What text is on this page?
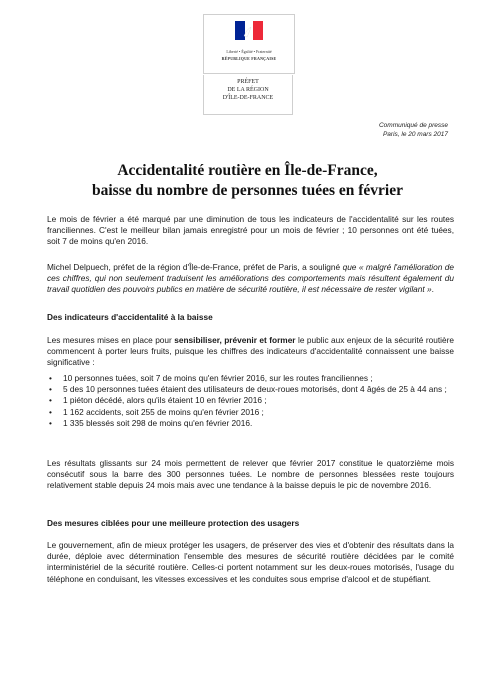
Liberté • Égalité • Fraternité
RÉPUBLIQUE FRANÇAISE
PRÉFET
DE LA RÉGION
D'ÎLE-DE-FRANCE
Communiqué de presse
Paris, le 20 mars 2017
Accidentalité routière en Île-de-France,
baisse du nombre de personnes tuées en février
Le mois de février a été marqué par une diminution de tous les indicateurs de l'accidentalité sur les routes franciliennes. C'est le meilleur bilan jamais enregistré pour un mois de février ; 10 personnes ont été tuées, soit 7 de moins qu'en 2016.
Michel Delpuech, préfet de la région d'Île-de-France, préfet de Paris, a souligné que « malgré l'amélioration de ces chiffres, qui non seulement traduisent les améliorations des comportements mais résultent également du travail quotidien des pouvoirs publics en matière de sécurité routière, il est nécessaire de rester vigilant ».
Des indicateurs d'accidentalité à la baisse
Les mesures mises en place pour sensibiliser, prévenir et former le public aux enjeux de la sécurité routière commencent à porter leurs fruits, puisque les chiffres des indicateurs d'accidentalité connaissent une baisse significative :
• 10 personnes tuées, soit 7 de moins qu'en février 2016, sur les routes franciliennes ;
• 5 des 10 personnes tuées étaient des utilisateurs de deux-roues motorisés, dont 4 âgés de 25 à 44 ans ;
• 1 piéton décédé, alors qu'ils étaient 10 en février 2016 ;
• 1 162 accidents, soit 255 de moins qu'en février 2016 ;
• 1 335 blessés soit 298 de moins qu'en février 2016.
Les résultats glissants sur 24 mois permettent de relever que février 2017 constitue le quatorzième mois consécutif sous la barre des 300 personnes tuées. Le nombre de personnes blessées reste toujours relativement stable depuis 24 mois mais avec une tendance à la baisse depuis le pic de novembre 2016.
Des mesures ciblées pour une meilleure protection des usagers
Le gouvernement, afin de mieux protéger les usagers, de préserver des vies et d'obtenir des résultats dans la durée, déploie avec détermination l'ensemble des mesures de sécurité routière décidées par le comité interministériel de la sécurité routière. Celles-ci portent notamment sur les deux-roues motorisés, l'usage du téléphone en conduisant, les vitesses excessives et les conduites sous emprise d'alcool et de stupéfiant.
